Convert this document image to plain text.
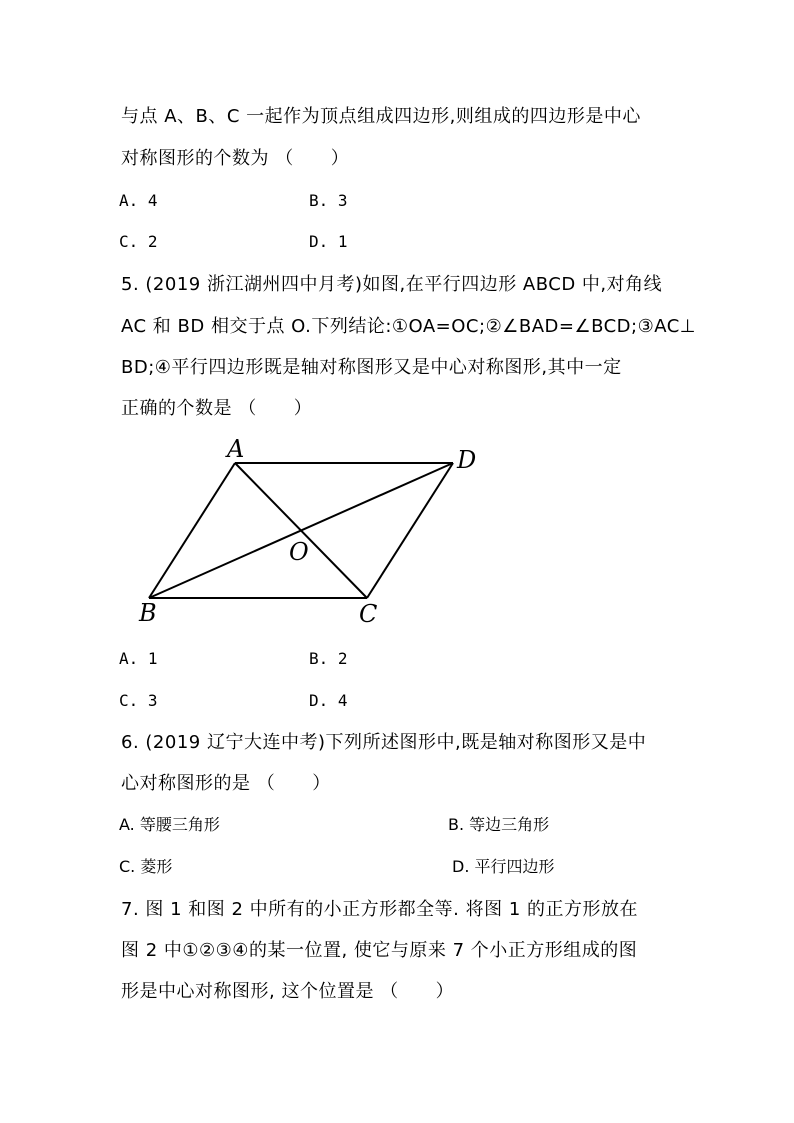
与点 A、B、C 一起作为顶点组成四边形,则组成的四边形是中心
对称图形的个数为 （　　）
A. 4	B. 3
C. 2	D. 1
5. (2019 浙江湖州四中月考)如图,在平行四边形 ABCD 中,对角线
AC 和 BD 相交于点 O.下列结论:①OA=OC;②∠BAD=∠BCD;③AC⊥
BD;④平行四边形既是轴对称图形又是中心对称图形,其中一定
正确的个数是 （　　）
A	D
O
B	C
A. 1	B. 2
C. 3	D. 4
6. (2019 辽宁大连中考)下列所述图形中,既是轴对称图形又是中
心对称图形的是 （　　）
A. 等腰三角形	B. 等边三角形
C. 菱形	D. 平行四边形
7. 图 1 和图 2 中所有的小正方形都全等. 将图 1 的正方形放在
图 2 中①②③④的某一位置, 使它与原来 7 个小正方形组成的图
形是中心对称图形, 这个位置是 （　　）
